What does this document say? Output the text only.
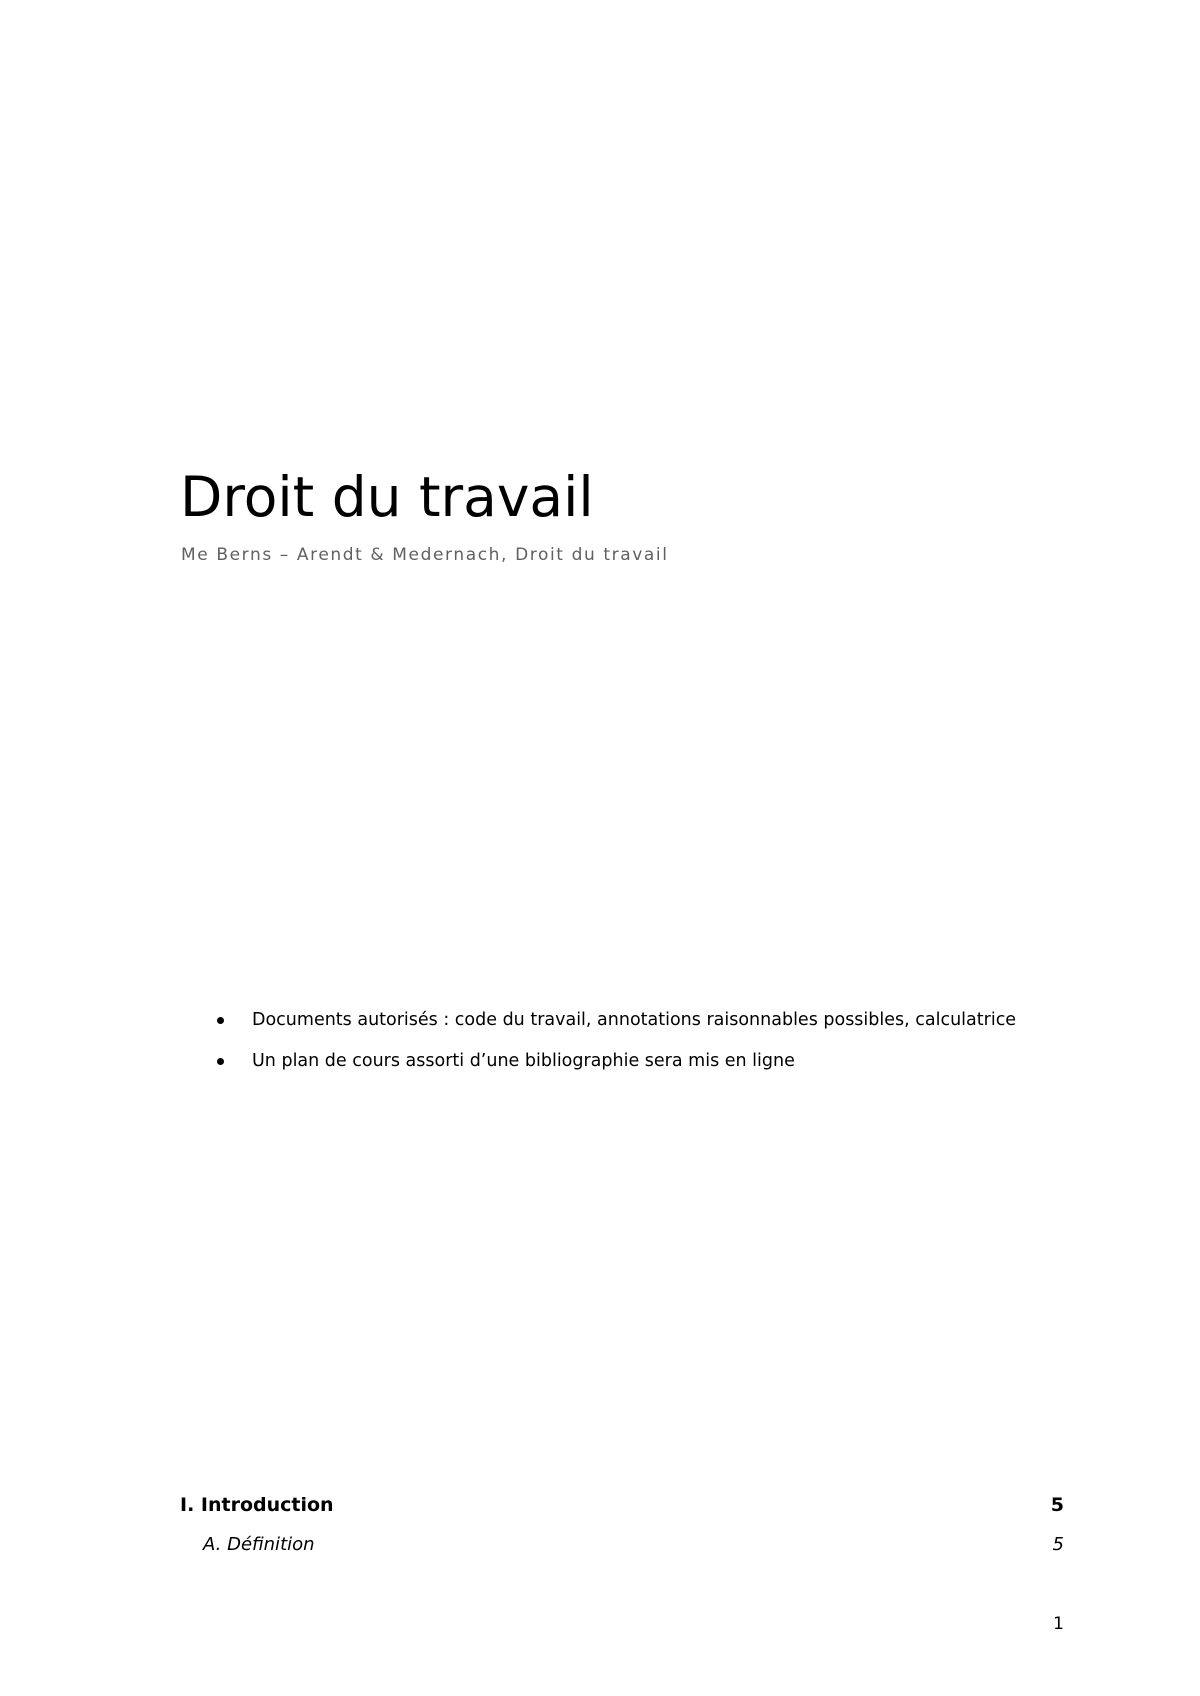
Droit du travail

Me Berns – Arendt & Medernach, Droit du travail

Documents autorisés : code du travail, annotations raisonnables possibles, calculatrice
Un plan de cours assorti d’une bibliographie sera mis en ligne
I. Introduction	5
A. Définition	5
1
